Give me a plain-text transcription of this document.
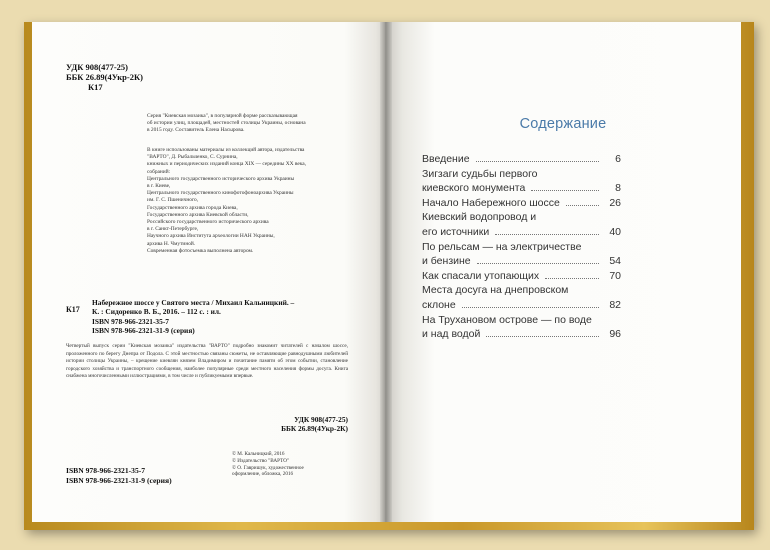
УДК 908(477-25)
ББК 26.89(4Укр-2К)
К17
Серия "Киевская мозаика", в популярной форме рассказывающая
об истории улиц, площадей, местностей столицы Украины, основана
в 2015 году. Составитель Елена Насырова.
В книге использованы материалы из коллекций автора, издательства
"ВАРТО", Д. Рыбальченко, С. Сурнина,
книжных и периодических изданий конца XIX — середины XX века,
собраний:
Центрального государственного исторического архива Украины
в г. Киеве,
Центрального государственного кинофотофоноархива Украины
им. Г. С. Пшеничного,
Государственного архива города Киева,
Государственного архива Киевской области,
Российского государственного исторического архива
в г. Санкт-Петербурге,
Научного архива Института археологии НАН Украины,
архива Н. Чмутиной.
Современная фотосъемка выполнена автором.
К17
Набережное шоссе у Святого места / Михаил Кальницкий. –
К. : Сидоренко В. Б., 2016. – 112 с. : ил.
ISBN 978-966-2321-35-7
ISBN 978-966-2321-31-9 (серия)
Четвертый выпуск серии "Киевская мозаика" издательства "ВАРТО" подробно знакомит читателей с началом шоссе, проложенного по берегу Днепра от Подола. С этой местностью связаны сюжеты, не оставляющие равнодушными любителей истории столицы Украины, – крещение киевлян князем Владимиром и почитание памяти об этом событии, становление городского хозяйства и транспортного сообщения, наиболее популярные среди местного населения формы досуга. Книга снабжена многочисленными иллюстрациями, в том числе и публикуемыми впервые.
УДК 908(477-25)
ББК 26.89(4Укр-2К)
ISBN 978-966-2321-35-7
ISBN 978-966-2321-31-9 (серия)
© М. Кальницкий, 2016
© Издательство "ВАРТО"
© О. Гавришук, художественное
оформление, обложка, 2016
Содержание
Введение	6
Зигзаги судьбы первого
киевского монумента	8
Начало Набережного шоссе	26
Киевский водопровод и
его источники	40
По рельсам — на электричестве
и бензине	54
Как спасали утопающих	70
Места досуга на днепровском
склоне	82
На Трухановом острове — по воде
и над водой	96
